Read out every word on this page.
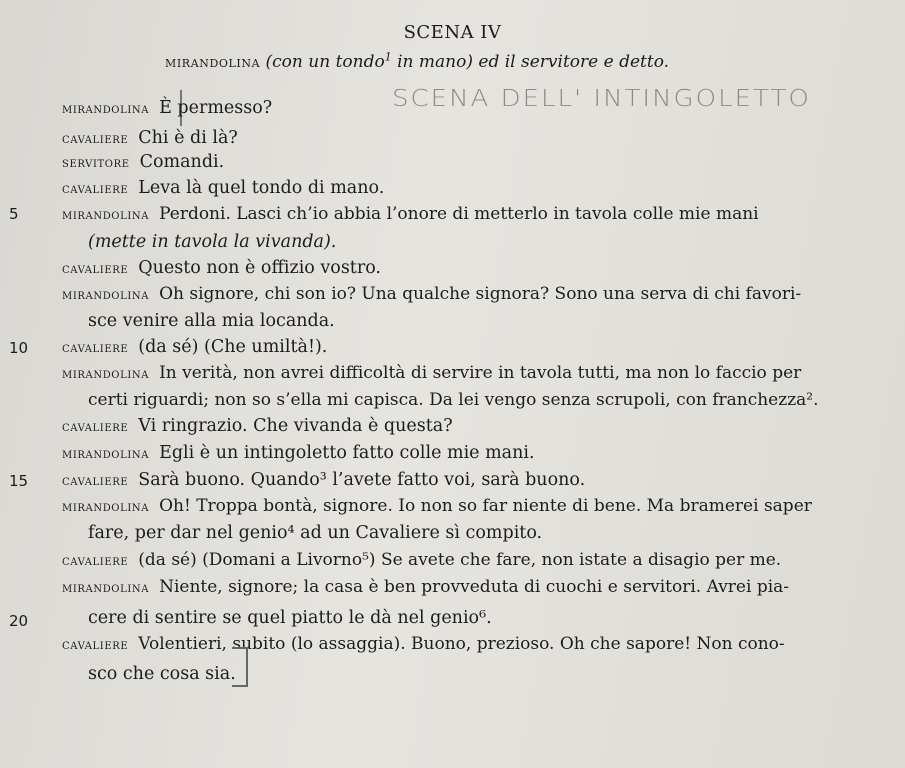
SCENA IV
mirandolina (con un tondo$^1$ in mano) ed il servitore e detto.
SCENA DELL' INTINGOLETTO
mirandolina È permesso?
cavaliere Chi è di là?
servitore Comandi.
cavaliere Leva là quel tondo di mano.
5	mirandolina Perdoni. Lasci ch’io abbia l’onore di metterlo in tavola colle mie mani
(mette in tavola la vivanda).
cavaliere Questo non è offizio vostro.
mirandolina Oh signore, chi son io? Una qualche signora? Sono una serva di chi favori-
sce venire alla mia locanda.
10 cavaliere (da sé) (Che umiltà!).
mirandolina In verità, non avrei difficoltà di servire in tavola tutti, ma non lo faccio per
certi riguardi; non so s’ella mi capisca. Da lei vengo senza scrupoli, con franchezza².
cavaliere Vi ringrazio. Che vivanda è questa?
mirandolina Egli è un intingoletto fatto colle mie mani.
15 cavaliere Sarà buono. Quando³ l’avete fatto voi, sarà buono.
mirandolina Oh! Troppa bontà, signore. Io non so far niente di bene. Ma bramerei saper
fare, per dar nel genio⁴ ad un Cavaliere sì compito.
cavaliere (da sé) (Domani a Livorno⁵) Se avete che fare, non istate a disagio per me.
mirandolina Niente, signore; la casa è ben provveduta di cuochi e servitori. Avrei pia-
20	cere di sentire se quel piatto le dà nel genio⁶.
cavaliere Volentieri, subito (lo assaggia). Buono, prezioso. Oh che sapore! Non cono-
sco che cosa sia.
